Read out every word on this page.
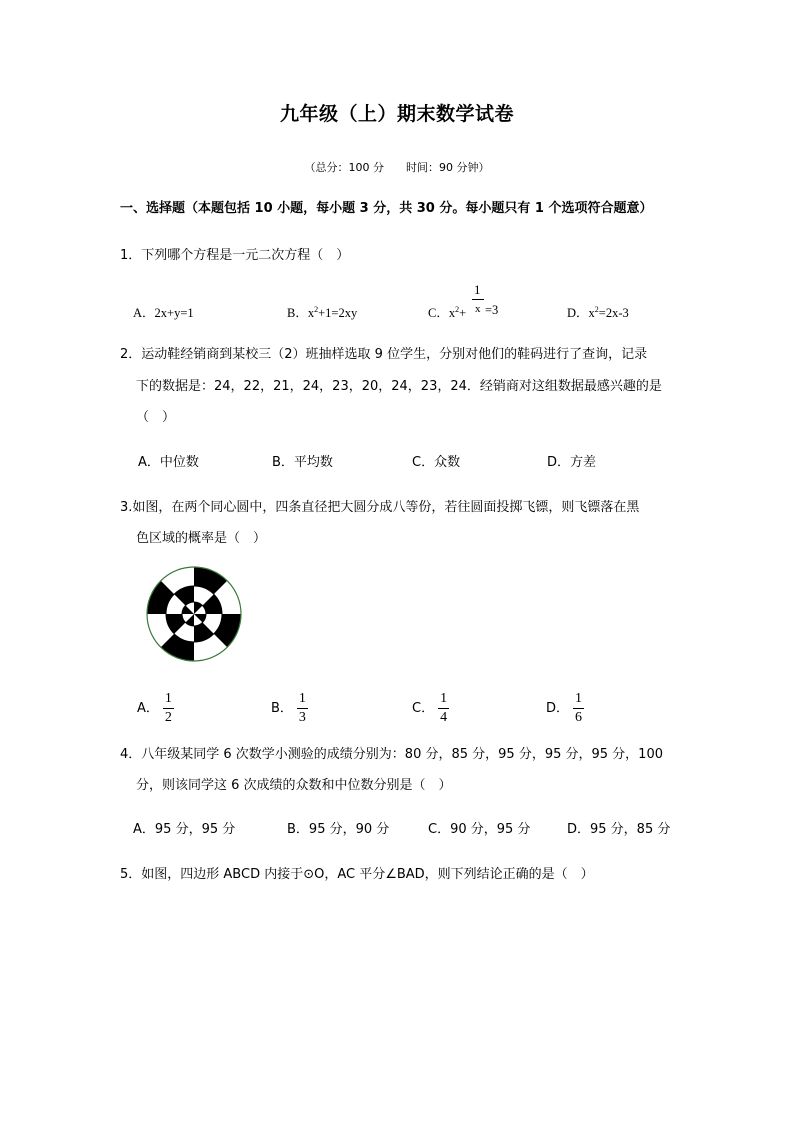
九年级（上）期末数学试卷
（总分：100 分　　时间：90 分钟）
一、选择题（本题包括 10 小题，每小题 3 分，共 30 分。每小题只有 1 个选项符合题意）
1．下列哪个方程是一元二次方程（　）
A．2x+y=1	B．$x^2+1=2xy$	C．$x^2+$
1
x =3	D．$x^2=2x-3$
2．运动鞋经销商到某校三（2）班抽样选取 9 位学生，分别对他们的鞋码进行了查询，记录
下的数据是：24，22，21，24，23，20，24，23，24．经销商对这组数据最感兴趣的是
（　）
A．中位数	B．平均数	C．众数	D．方差
3.如图，在两个同心圆中，四条直径把大圆分成八等份，若往圆面投掷飞镖，则飞镖落在黑
色区域的概率是（　）
A． $\frac{1}{2}$	B． $\frac{1}{3}$	C． $\frac{1}{4}$	D． $\frac{1}{6}$
4．八年级某同学 6 次数学小测验的成绩分别为：80 分，85 分，95 分，95 分，95 分，100
分，则该同学这 6 次成绩的众数和中位数分别是（　）
A．95 分，95 分	B．95 分，90 分	C．90 分，95 分	D．95 分，85 分
5．如图，四边形 ABCD 内接于⊙O，AC 平分∠BAD，则下列结论正确的是（　）
